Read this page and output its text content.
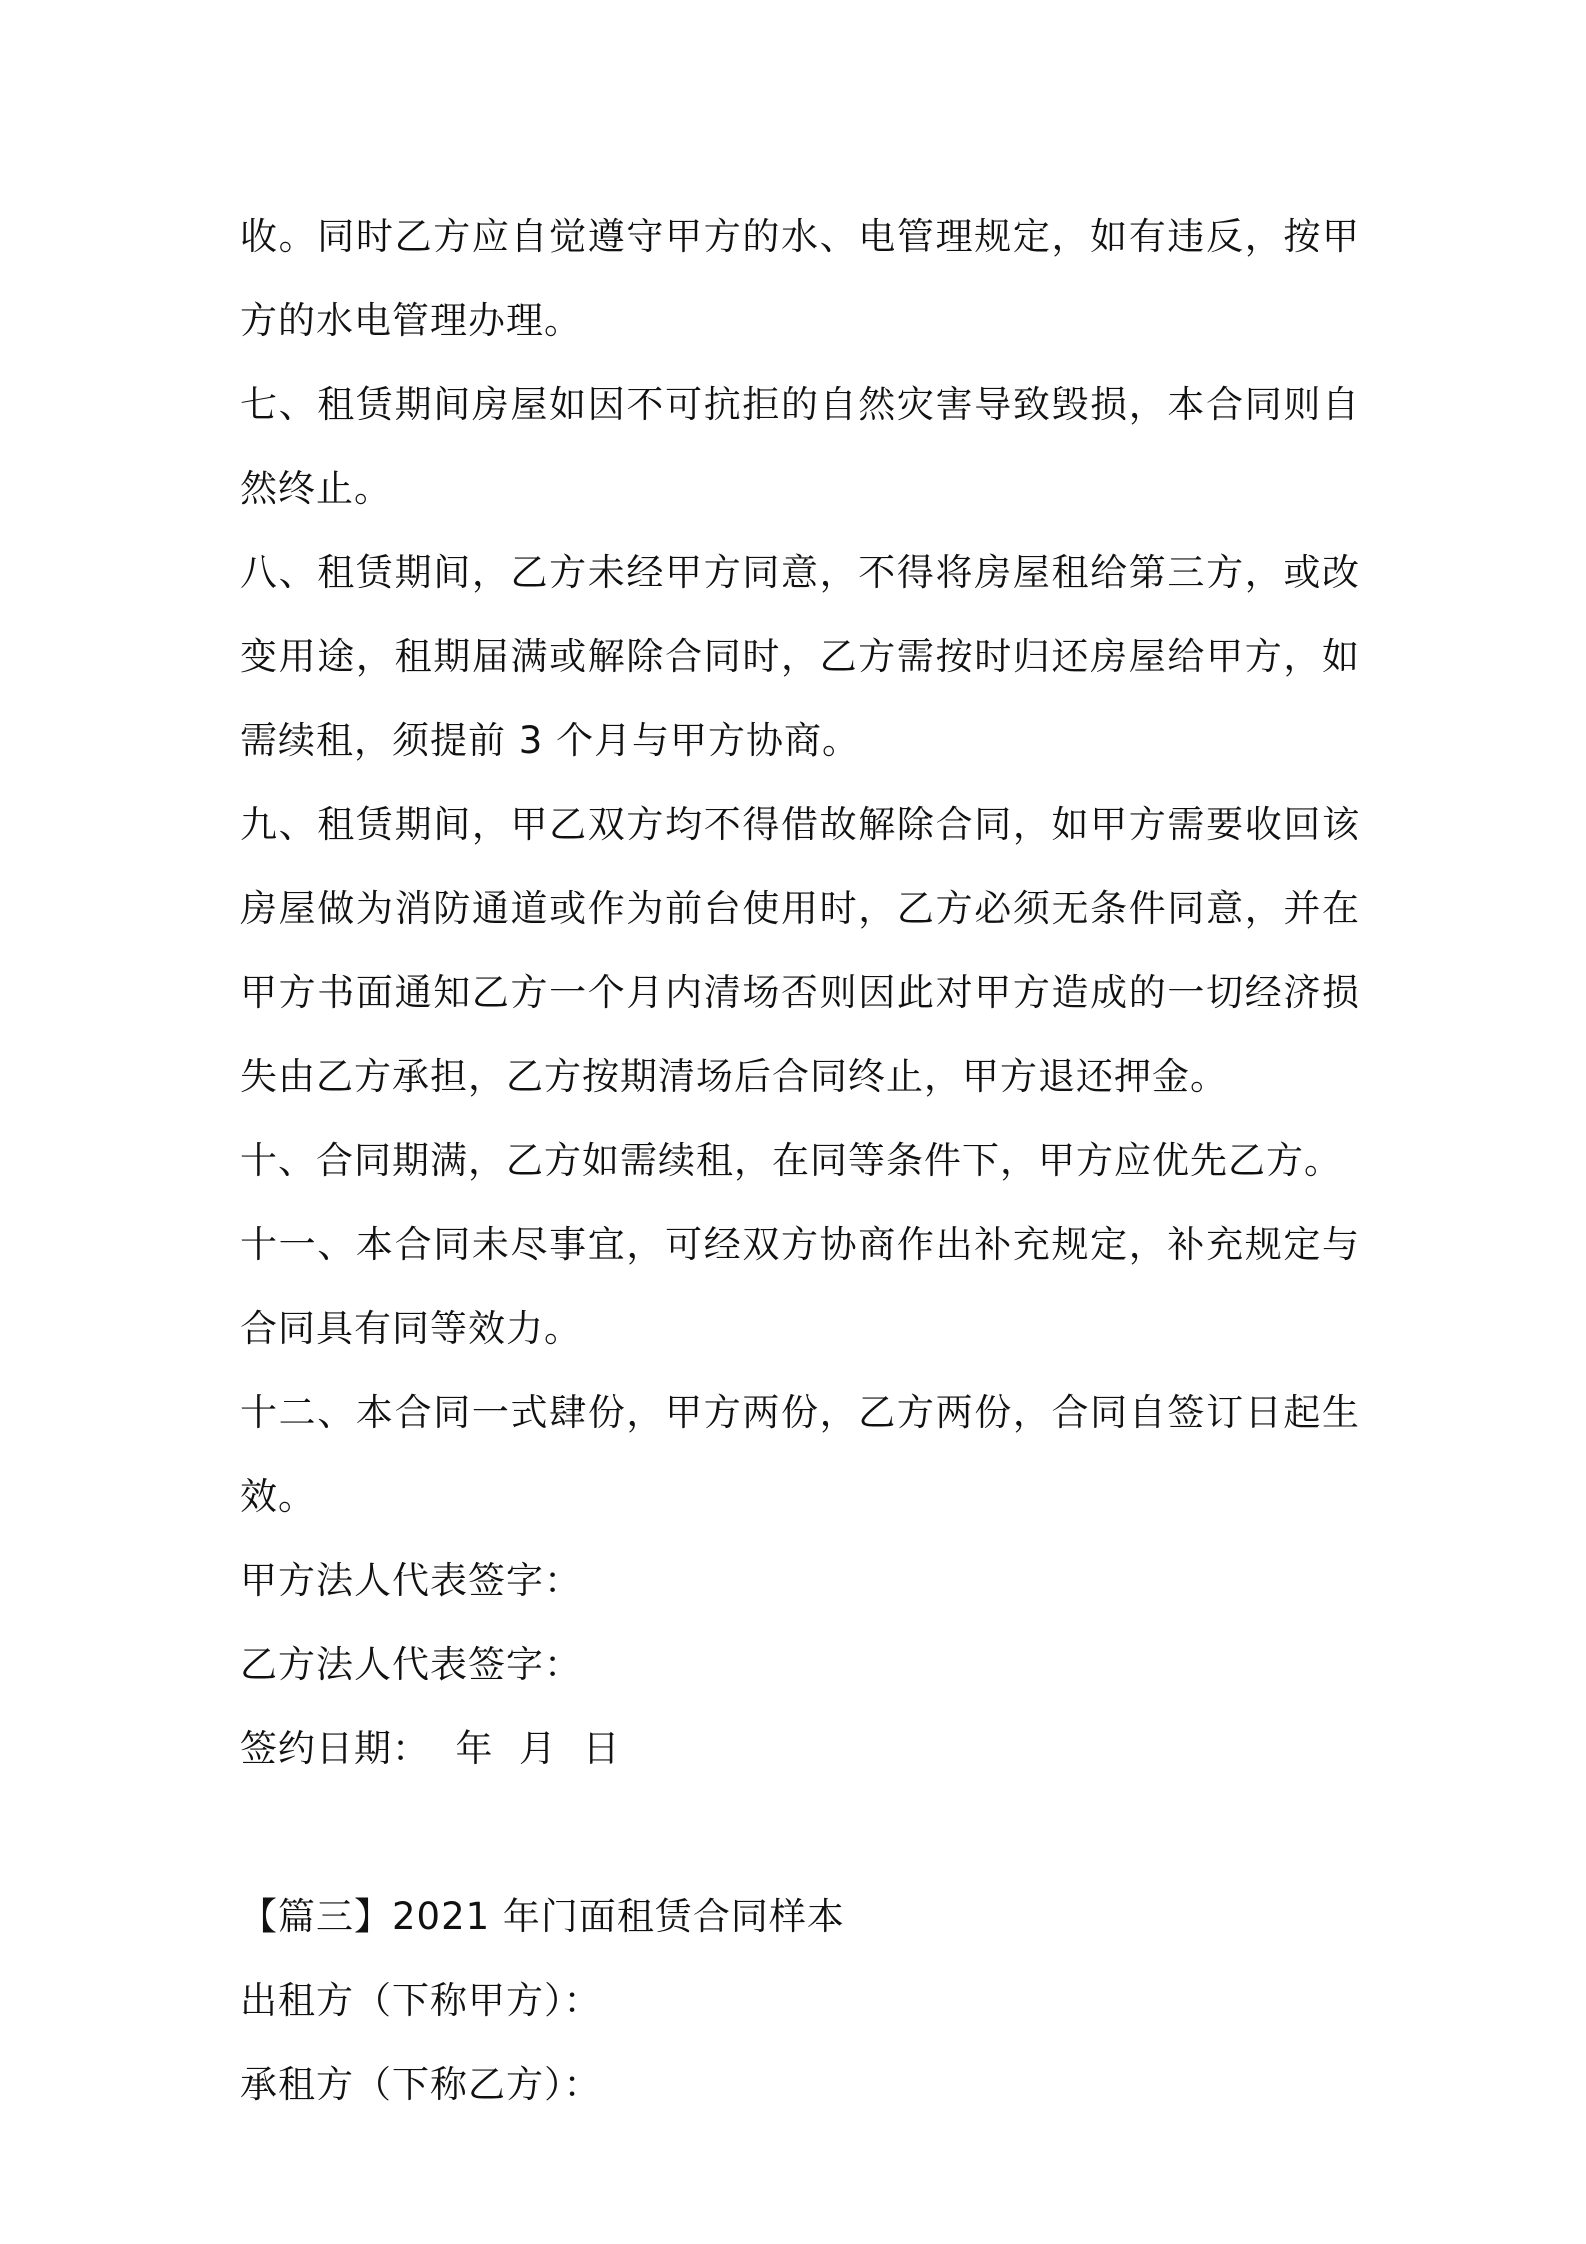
收。同时乙方应自觉遵守甲方的水、电管理规定，如有违反，按甲方的水电管理办理。

七、租赁期间房屋如因不可抗拒的自然灾害导致毁损，本合同则自然终止。

八、租赁期间，乙方未经甲方同意，不得将房屋租给第三方，或改变用途，租期届满或解除合同时，乙方需按时归还房屋给甲方，如需续租，须提前 3 个月与甲方协商。

九、租赁期间，甲乙双方均不得借故解除合同，如甲方需要收回该房屋做为消防通道或作为前台使用时，乙方必须无条件同意，并在甲方书面通知乙方一个月内清场否则因此对甲方造成的一切经济损失由乙方承担，乙方按期清场后合同终止，甲方退还押金。

十、合同期满，乙方如需续租，在同等条件下，甲方应优先乙方。

十一、本合同未尽事宜，可经双方协商作出补充规定，补充规定与合同具有同等效力。

十二、本合同一式肆份，甲方两份，乙方两份，合同自签订日起生效。

甲方法人代表签字：

乙方法人代表签字：

签约日期：  年  月  日

【篇三】2021 年门面租赁合同样本

出租方（下称甲方）：

承租方（下称乙方）：
